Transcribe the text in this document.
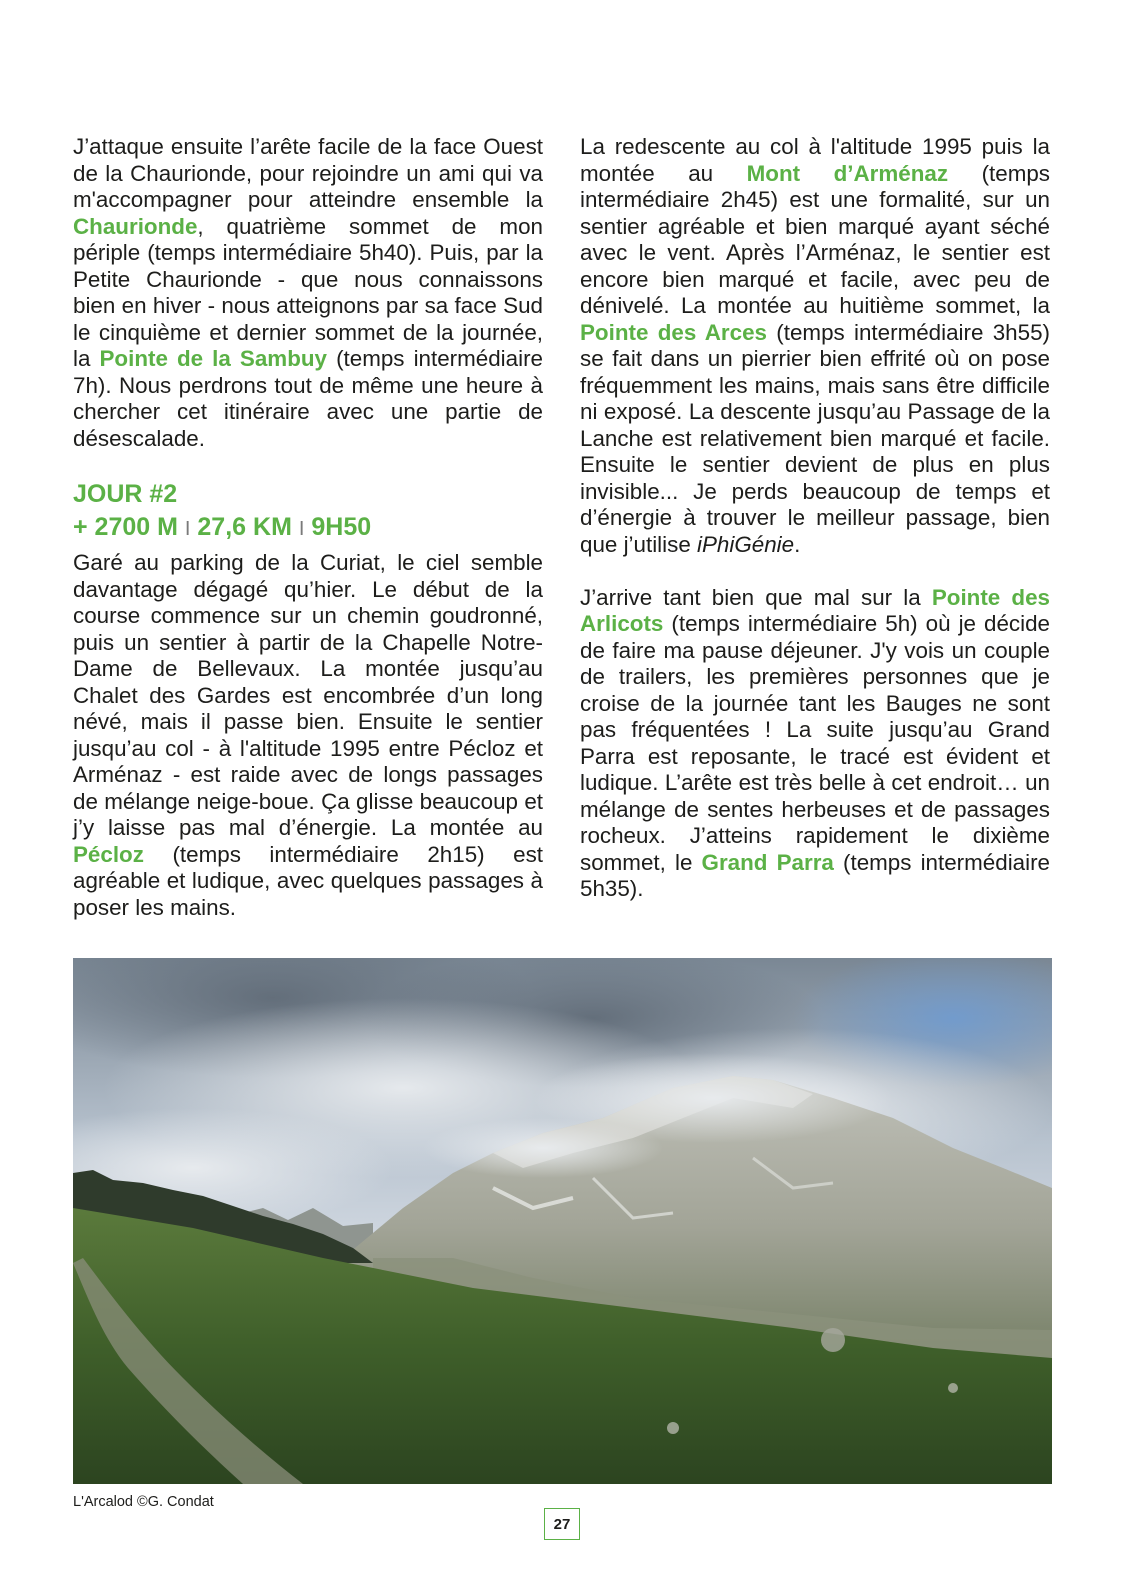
J’attaque ensuite l’arête facile de la face Ouest de la Chaurionde, pour rejoindre un ami qui va m'accompagner pour atteindre ensemble la Chaurionde, quatrième sommet de mon périple (temps intermédiaire 5h40). Puis, par la Petite Chaurionde - que nous connaissons bien en hiver - nous atteignons par sa face Sud le cinquième et dernier sommet de la journée, la Pointe de la Sambuy (temps intermédiaire 7h). Nous perdrons tout de même une heure à chercher cet itinéraire avec une partie de désescalade.

JOUR #2
+ 2700 M I 27,6 KM I 9H50

Garé au parking de la Curiat, le ciel semble davantage dégagé qu’hier. Le début de la course commence sur un chemin goudronné, puis un sentier à partir de la Chapelle Notre-Dame de Bellevaux. La montée jusqu’au Chalet des Gardes est encombrée d’un long névé, mais il passe bien. Ensuite le sentier jusqu’au col - à l'altitude 1995 entre Pécloz et Arménaz - est raide avec de longs passages de mélange neige-boue. Ça glisse beaucoup et j’y laisse pas mal d’énergie. La montée au Pécloz (temps intermédiaire 2h15) est agréable et ludique, avec quelques passages à poser les mains.

La redescente au col à l'altitude 1995 puis la montée au Mont d’Arménaz (temps intermédiaire 2h45) est une formalité, sur un sentier agréable et bien marqué ayant séché avec le vent. Après l’Arménaz, le sentier est encore bien marqué et facile, avec peu de dénivelé. La montée au huitième sommet, la Pointe des Arces (temps intermédiaire 3h55) se fait dans un pierrier bien effrité où on pose fréquemment les mains, mais sans être difficile ni exposé. La descente jusqu’au Passage de la Lanche est relativement bien marqué et facile. Ensuite le sentier devient de plus en plus invisible... Je perds beaucoup de temps et d’énergie à trouver le meilleur passage, bien que j’utilise iPhiGénie.

J’arrive tant bien que mal sur la Pointe des Arlicots (temps intermédiaire 5h) où je décide de faire ma pause déjeuner. J'y vois un couple de trailers, les premières personnes que je croise de la journée tant les Bauges ne sont pas fréquentées ! La suite jusqu’au Grand Parra est reposante, le tracé est évident et ludique. L’arête est très belle à cet endroit… un mélange de sentes herbeuses et de passages rocheux. J’atteins rapidement le dixième sommet, le Grand Parra (temps intermédiaire 5h35).

L'Arcalod ©G. Condat
27
